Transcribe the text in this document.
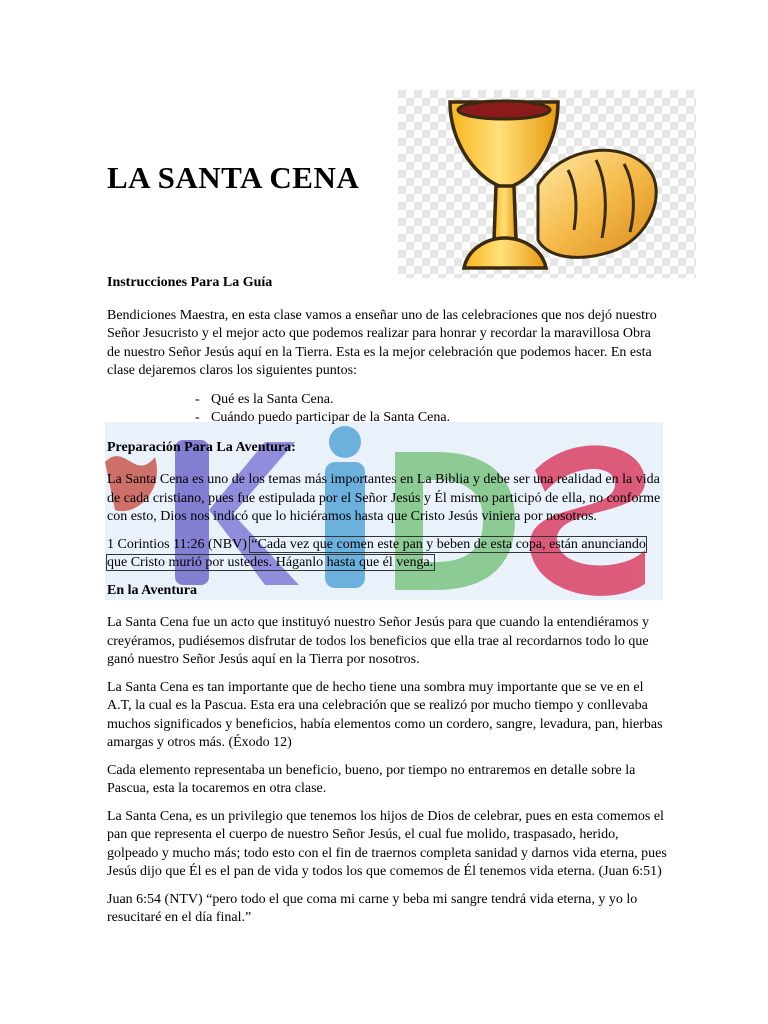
LA SANTA CENA

Instrucciones Para La Guía

Bendiciones Maestra, en esta clase vamos a enseñar uno de las celebraciones que nos dejó nuestro Señor Jesucristo y el mejor acto que podemos realizar para honrar y recordar la maravillosa Obra de nuestro Señor Jesús aquí en la Tierra. Esta es la mejor celebración que podemos hacer. En esta clase dejaremos claros los siguientes puntos:

- Qué es la Santa Cena.
- Cuándo puedo participar de la Santa Cena.

Preparación Para La Aventura:

La Santa Cena es uno de los temas más importantes en La Biblia y debe ser una realidad en la vida de cada cristiano, pues fue estipulada por el Señor Jesús y Él mismo participó de ella, no conforme con esto, Dios nos indicó que lo hiciéramos hasta que Cristo Jesús viniera por nosotros.

1 Corintios 11:26 (NBV) “Cada vez que comen este pan y beben de esta copa, están anunciando que Cristo murió por ustedes. Háganlo hasta que él venga.

En la Aventura

La Santa Cena fue un acto que instituyó nuestro Señor Jesús para que cuando la entendiéramos y creyéramos, pudiésemos disfrutar de todos los beneficios que ella trae al recordarnos todo lo que ganó nuestro Señor Jesús aquí en la Tierra por nosotros.

La Santa Cena es tan importante que de hecho tiene una sombra muy importante que se ve en el A.T, la cual es la Pascua. Esta era una celebración que se realizó por mucho tiempo y conllevaba muchos significados y beneficios, había elementos como un cordero, sangre, levadura, pan, hierbas amargas y otros más. (Éxodo 12)

Cada elemento representaba un beneficio, bueno, por tiempo no entraremos en detalle sobre la Pascua, esta la tocaremos en otra clase.

La Santa Cena, es un privilegio que tenemos los hijos de Dios de celebrar, pues en esta comemos el pan que representa el cuerpo de nuestro Señor Jesús, el cual fue molido, traspasado, herido, golpeado y mucho más; todo esto con el fin de traernos completa sanidad y darnos vida eterna, pues Jesús dijo que Él es el pan de vida y todos los que comemos de Él tenemos vida eterna. (Juan 6:51)

Juan 6:54 (NTV) “pero todo el que coma mi carne y beba mi sangre tendrá vida eterna, y yo lo resucitaré en el día final.”
